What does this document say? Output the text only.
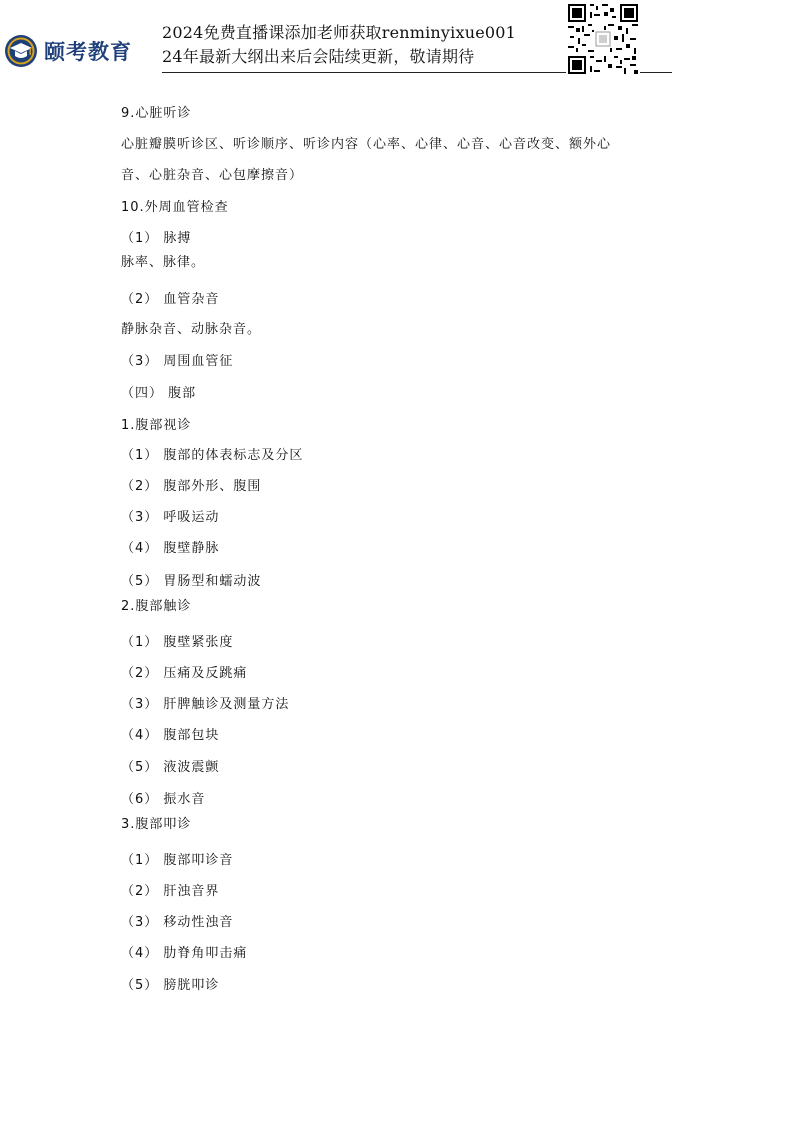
颐考教育
2024免费直播课添加老师获取renminyixue001
24年最新大纲出来后会陆续更新，敬请期待
9.心脏听诊
心脏瓣膜听诊区、听诊顺序、听诊内容（心率、心律、心音、心音改变、额外心
音、心脏杂音、心包摩擦音）
10.外周血管检查
（1） 脉搏
脉率、脉律。
（2） 血管杂音
静脉杂音、动脉杂音。
（3） 周围血管征
（四） 腹部
1.腹部视诊
（1） 腹部的体表标志及分区
（2） 腹部外形、腹围
（3） 呼吸运动
（4） 腹壁静脉
（5） 胃肠型和蠕动波
2.腹部触诊
（1） 腹壁紧张度
（2） 压痛及反跳痛
（3） 肝脾触诊及测量方法
（4） 腹部包块
（5） 液波震颤
（6） 振水音
3.腹部叩诊
（1） 腹部叩诊音
（2） 肝浊音界
（3） 移动性浊音
（4） 肋脊角叩击痛
（5） 膀胱叩诊
